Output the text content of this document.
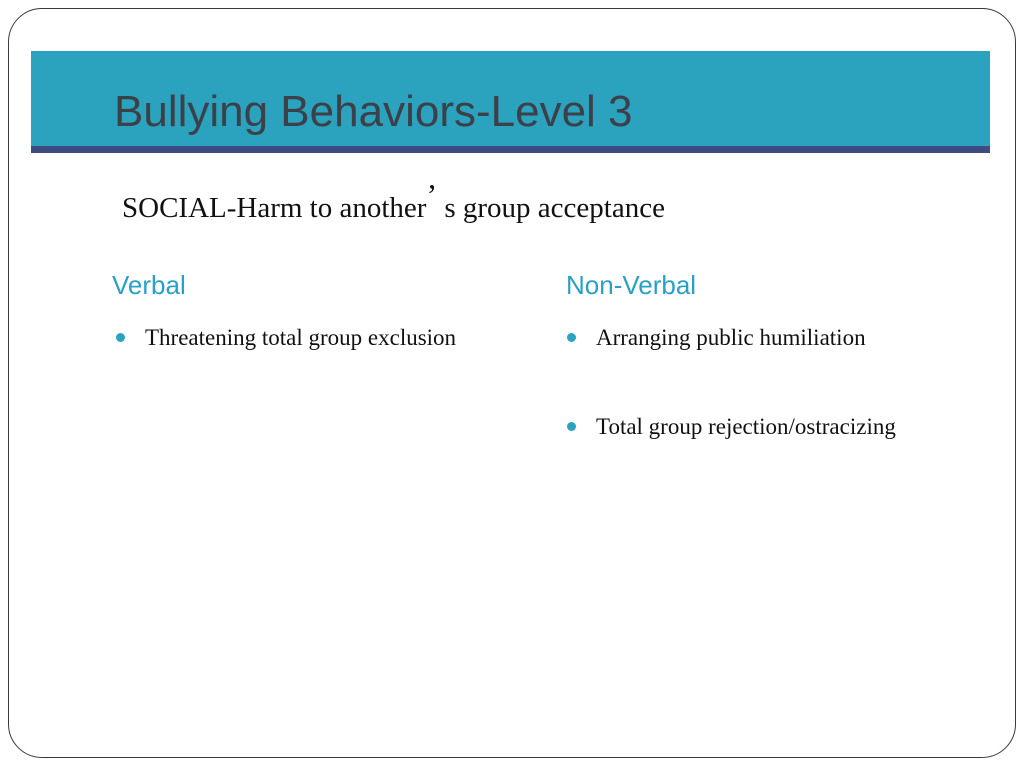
Bullying Behaviors-Level 3
SOCIAL-Harm to another’ s group acceptance
Verbal	Non-Verbal
Threatening total group exclusion	Arranging public humiliation
Total group rejection/ostracizing
